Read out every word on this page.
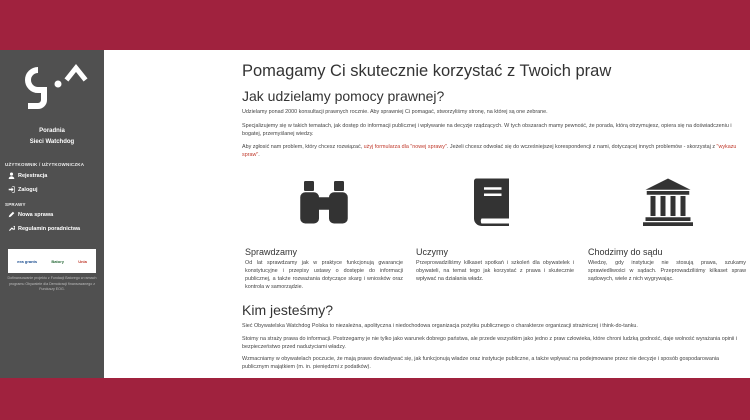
Poradnia
Sieci Watchdog
UŻYTKOWNIK / UŻYTKOWNICZKA
Rejestracja
Zaloguj
SPRAWY
Nowa sprawa
Regulamin poradnictwa
eea grants	Batory	Unia
Dofinansowanie projektu z Fundacji Batorego w ramach programu Obywatele dla Demokracji finansowanego z Funduszy EOG.
Pomagamy Ci skutecznie korzystać z Twoich praw
Jak udzielamy pomocy prawnej?

Udzielamy ponad 2000 konsultacji prawnych rocznie. Aby sprawniej Ci pomagać, stworzyliśmy stronę, na której są one zebrane.

Specjalizujemy się w takich tematach, jak dostęp do informacji publicznej i wpływanie na decyzje rządzących. W tych obszarach mamy pewność, że porada, którą otrzymujesz, opiera się na doświadczeniu i bogatej, przemyślanej wiedzy.

Aby zgłosić nam problem, który chcesz rozwiązać, użyj formularza dla "nowej sprawy". Jeżeli chcesz odwołać się do wcześniejszej korespondencji z nami, dotyczącej innych problemów - skorzystaj z "wykazu spraw".

Sprawdzamy
Od lat sprawdzamy jak w praktyce funkcjonują gwarancje konstytucyjne i przepisy ustawy o dostępie do informacji publicznej, a także rozważania dotyczące skarg i wniosków oraz kontrola w samorządzie.
Uczymy
Przeprowadziliśmy kilkaset spotkań i szkoleń dla obywatelek i obywateli, na temat tego jak korzystać z prawa i skutecznie wpływać na działania władz.
Chodzimy do sądu
Wiedzę, gdy instytucje nie stosują prawa, szukamy sprawiedliwości w sądach. Przeprowadziliśmy kilkaset spraw sądowych, wiele z nich wygrywając.
Kim jesteśmy?

Sieć Obywatelska Watchdog Polska to niezależna, apolityczna i niedochodowa organizacja pożytku publicznego o charakterze organizacji strażniczej i think-do-tanku.

Stoimy na straży prawa do informacji. Postrzegamy je nie tylko jako warunek dobrego państwa, ale przede wszystkim jako jedno z praw człowieka, które chroni ludzką godność, daje wolność wyrażania opinii i bezpieczeństwo przed nadużyciami władzy.

Wzmacniamy w obywatelach poczucie, że mają prawo dowiadywać się, jak funkcjonują władze oraz instytucje publiczne, a także wpływać na podejmowane przez nie decyzje i sposób gospodarowania publicznym majątkiem (m. in. pieniędzmi z podatków).
